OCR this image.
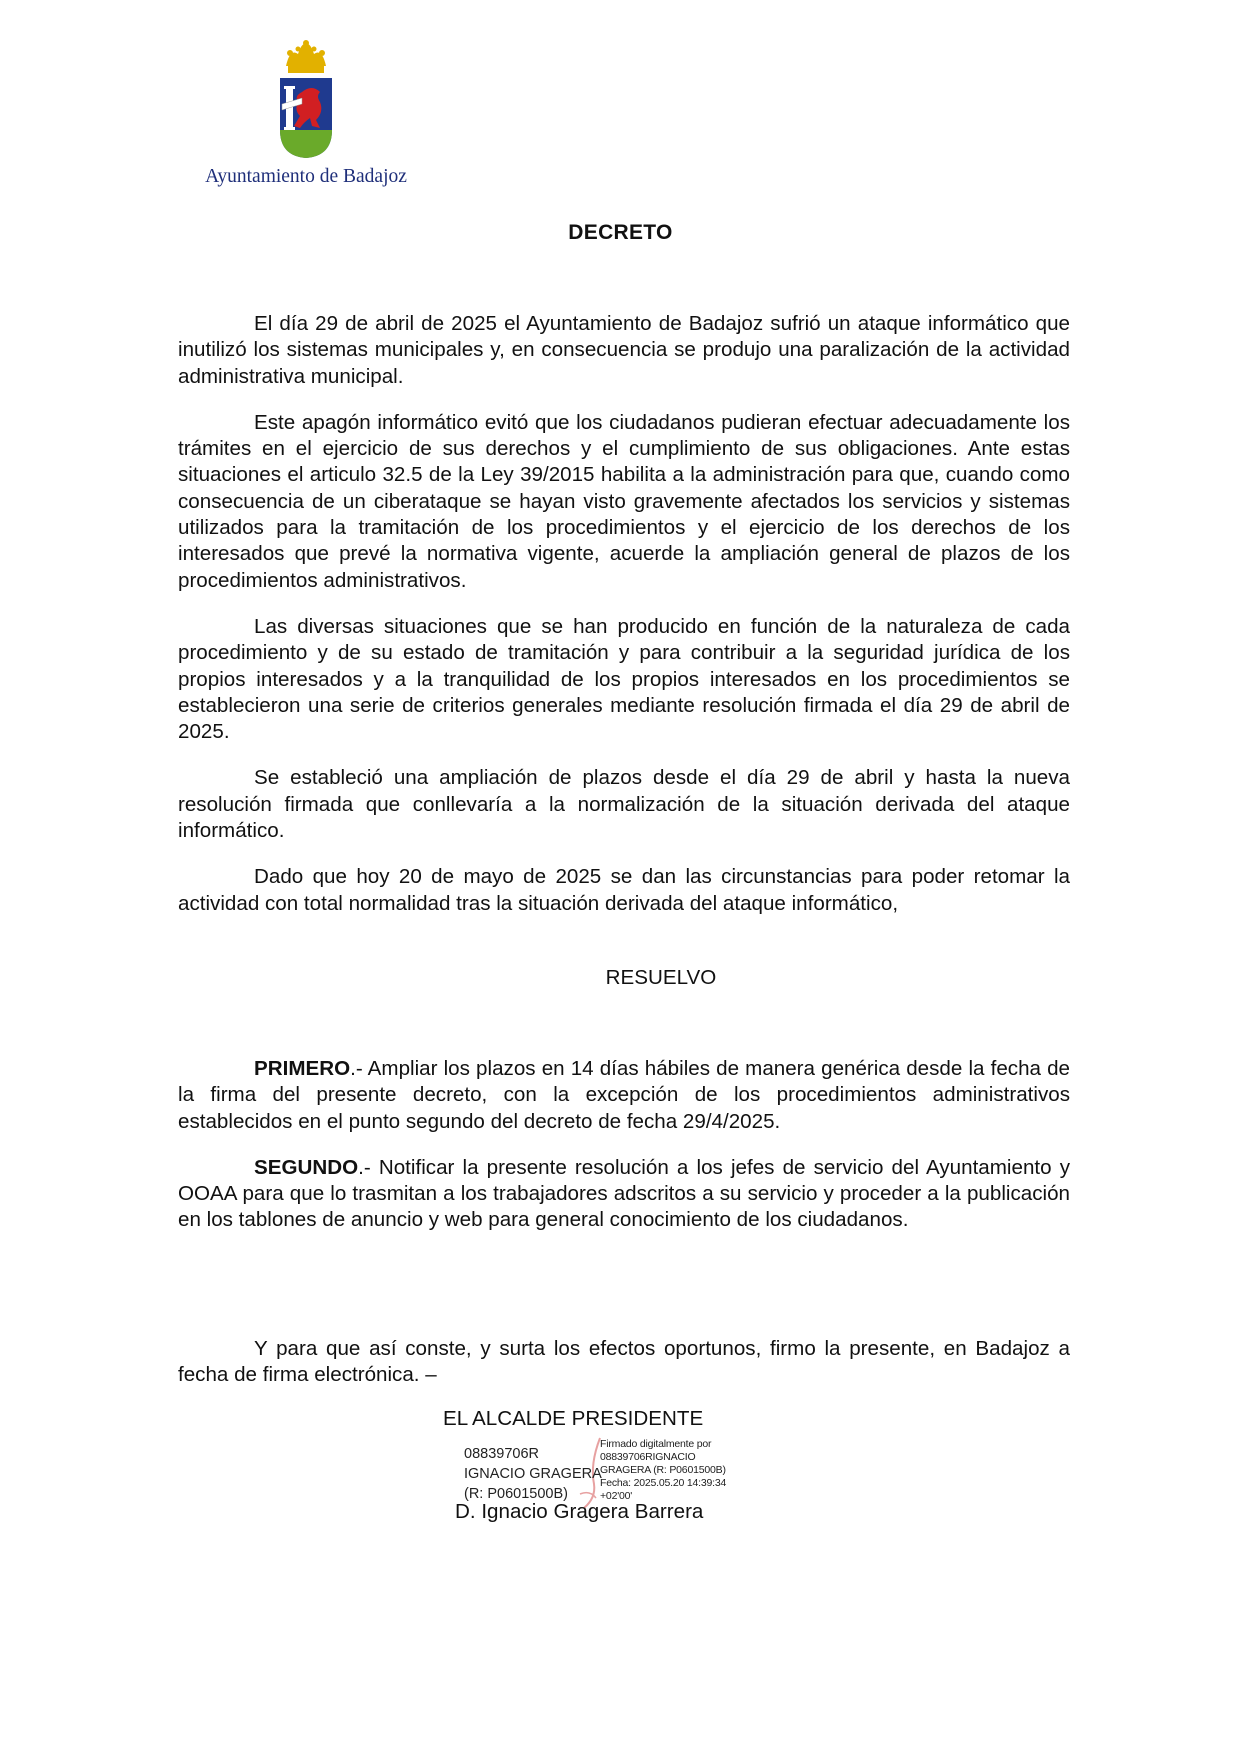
Ayuntamiento de Badajoz
DECRETO

El día 29 de abril de 2025 el Ayuntamiento de Badajoz sufrió un ataque informático que inutilizó los sistemas municipales y, en consecuencia se produjo una paralización de la actividad administrativa municipal.

Este apagón informático evitó que los ciudadanos pudieran efectuar adecuadamente los trámites en el ejercicio de sus derechos y el cumplimiento de sus obligaciones. Ante estas situaciones el articulo 32.5 de la Ley 39/2015 habilita a la administración para que, cuando como consecuencia de un ciberataque se hayan visto gravemente afectados los servicios y sistemas utilizados para la tramitación de los procedimientos y el ejercicio de los derechos de los interesados que prevé la normativa vigente, acuerde la ampliación general de plazos de los procedimientos administrativos.

Las diversas situaciones que se han producido en función de la naturaleza de cada procedimiento y de su estado de tramitación y para contribuir a la seguridad jurídica de los propios interesados y a la tranquilidad de los propios interesados en los procedimientos se establecieron una serie de criterios generales mediante resolución firmada el día 29 de abril de 2025.

Se estableció una ampliación de plazos desde el día 29 de abril y hasta la nueva resolución firmada que conllevaría a la normalización de la situación derivada del ataque informático.

Dado que hoy 20 de mayo de 2025 se dan las circunstancias para poder retomar la actividad con total normalidad tras la situación derivada del ataque informático,

RESUELVO

PRIMERO.- Ampliar los plazos en 14 días hábiles de manera genérica desde la fecha de la firma del presente decreto, con la excepción de los procedimientos administrativos establecidos en el punto segundo del decreto de fecha 29/4/2025.

SEGUNDO.- Notificar la presente resolución a los jefes de servicio del Ayuntamiento y OOAA para que lo trasmitan a los trabajadores adscritos a su servicio y proceder a la publicación en los tablones de anuncio y web para general conocimiento de los ciudadanos.

Y para que así conste, y surta los efectos oportunos, firmo la presente, en Badajoz a fecha de firma electrónica. –

EL ALCALDE PRESIDENTE
08839706R
IGNACIO GRAGERA
(R: P0601500B)
Firmado digitalmente por
08839706RIGNACIO
GRAGERA (R: P0601500B)
Fecha: 2025.05.20 14:39:34
+02'00'
D. Ignacio Gragera Barrera
